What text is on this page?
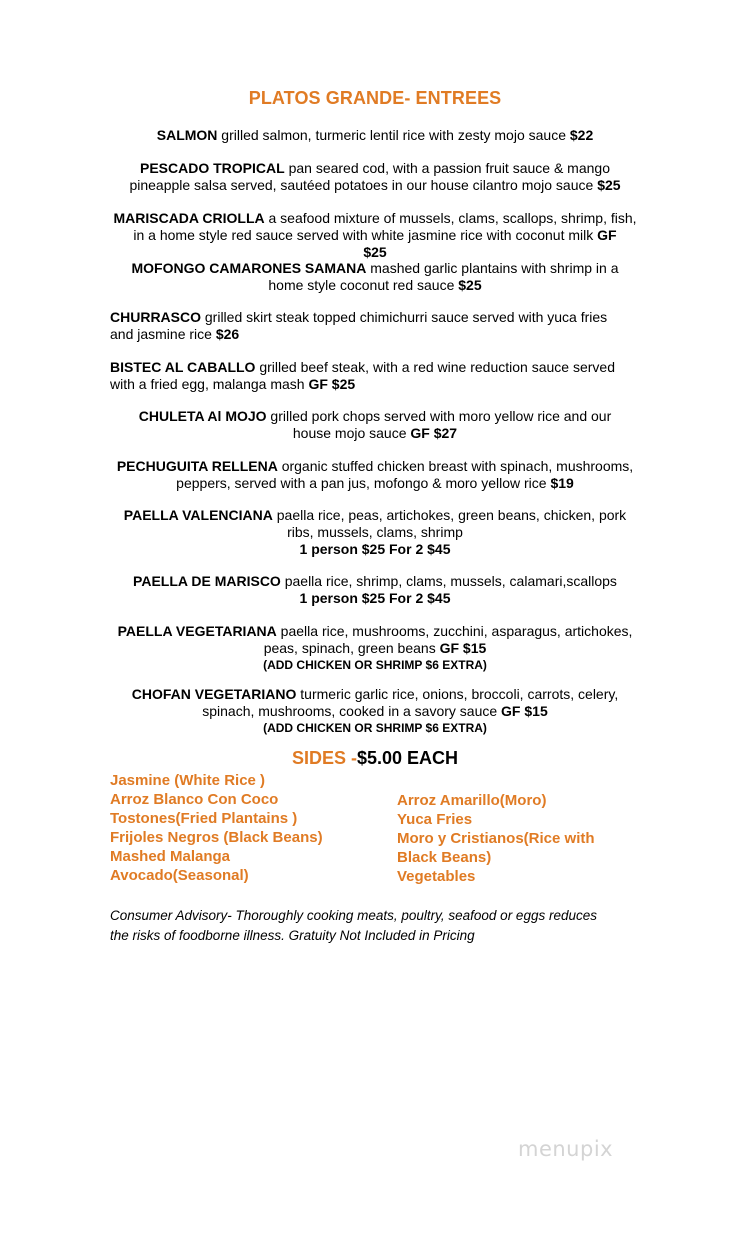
PLATOS GRANDE- ENTREES
SALMON grilled salmon, turmeric lentil rice with zesty mojo sauce $22
PESCADO TROPICAL pan seared cod, with a passion fruit sauce & mango
pineapple salsa served, sautéed potatoes in our house cilantro mojo sauce $25
MARISCADA CRIOLLA a seafood mixture of mussels, clams, scallops, shrimp, fish,
in a home style red sauce served with white jasmine rice with coconut milk GF
$25
MOFONGO CAMARONES SAMANA mashed garlic plantains with shrimp in a
home style coconut red sauce $25
CHURRASCO grilled skirt steak topped chimichurri sauce served with yuca fries
and jasmine rice $26
BISTEC AL CABALLO grilled beef steak, with a red wine reduction sauce served
with a fried egg, malanga mash GF $25
CHULETA Al MOJO grilled pork chops served with moro yellow rice and our
house mojo sauce GF $27
PECHUGUITA RELLENA organic stuffed chicken breast with spinach, mushrooms,
peppers, served with a pan jus, mofongo & moro yellow rice $19
PAELLA VALENCIANA paella rice, peas, artichokes, green beans, chicken, pork
ribs, mussels, clams, shrimp
1 person $25 For 2 $45
PAELLA DE MARISCO paella rice, shrimp, clams, mussels, calamari,scallops
1 person $25 For 2 $45
PAELLA VEGETARIANA paella rice, mushrooms, zucchini, asparagus, artichokes,
peas, spinach, green beans GF $15
(ADD CHICKEN OR SHRIMP $6 EXTRA)
CHOFAN VEGETARIANO turmeric garlic rice, onions, broccoli, carrots, celery,
spinach, mushrooms, cooked in a savory sauce GF $15
(ADD CHICKEN OR SHRIMP $6 EXTRA)
SIDES -$5.00 EACH
Jasmine (White Rice )
Arroz Blanco Con Coco
Tostones(Fried Plantains )
Frijoles Negros (Black Beans)
Mashed Malanga
Avocado(Seasonal)
Arroz Amarillo(Moro)
Yuca Fries
Moro y Cristianos(Rice with
Black Beans)
Vegetables
Consumer Advisory- Thoroughly cooking meats, poultry, seafood or eggs reduces
the risks of foodborne illness. Gratuity Not Included in Pricing
menupix
